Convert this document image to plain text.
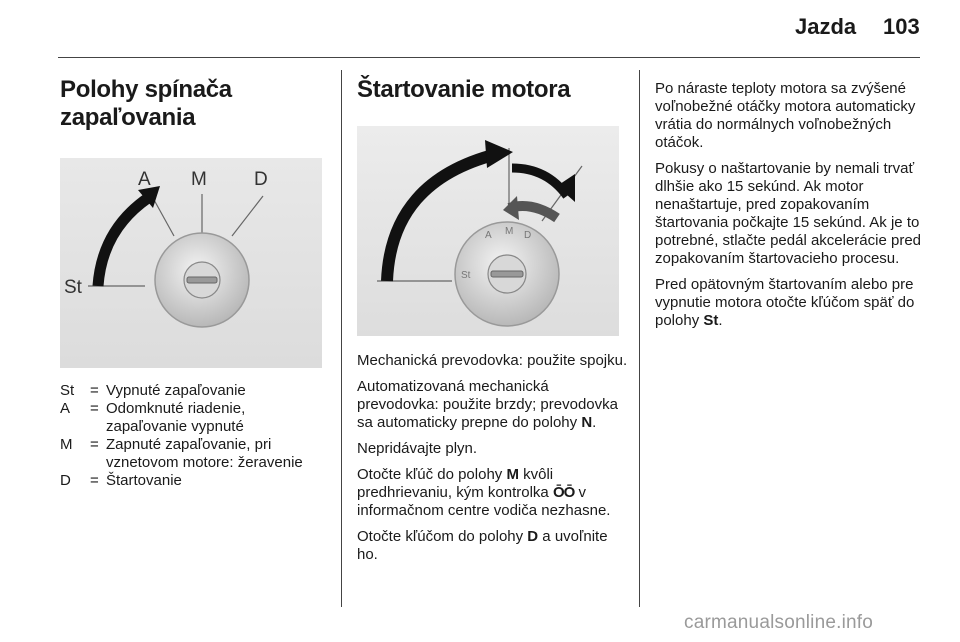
Jazda 103
Polohy spínača
zapaľovania
A M D
St
St	= Vypnuté zapaľovanie
A	= Odomknuté riadenie, zapaľovanie vypnuté
M	= Zapnuté zapaľovanie, pri vznetovom motore: žeravenie
D	= Štartovanie
Štartovanie motora
A M D
St

Mechanická prevodovka: použite spojku.

Automatizovaná mechanická prevodovka: použite brzdy; prevodovka sa automaticky prepne do polohy N.

Nepridávajte plyn.

Otočte kľúč do polohy M kvôli predhrievaniu, kým kontrolka ŌŌ v informačnom centre vodiča nezhasne.

Otočte kľúčom do polohy D a uvoľnite ho.

Po náraste teploty motora sa zvýšené voľnobežné otáčky motora automaticky vrátia do normálnych voľnobežných otáčok.

Pokusy o naštartovanie by nemali trvať dlhšie ako 15 sekúnd. Ak motor nenaštartuje, pred zopakovaním štartovania počkajte 15 sekúnd. Ak je to potrebné, stlačte pedál akcelerácie pred zopakovaním štartovacieho procesu.

Pred opätovným štartovaním alebo pre vypnutie motora otočte kľúčom späť do polohy St.

carmanualsonline.info
